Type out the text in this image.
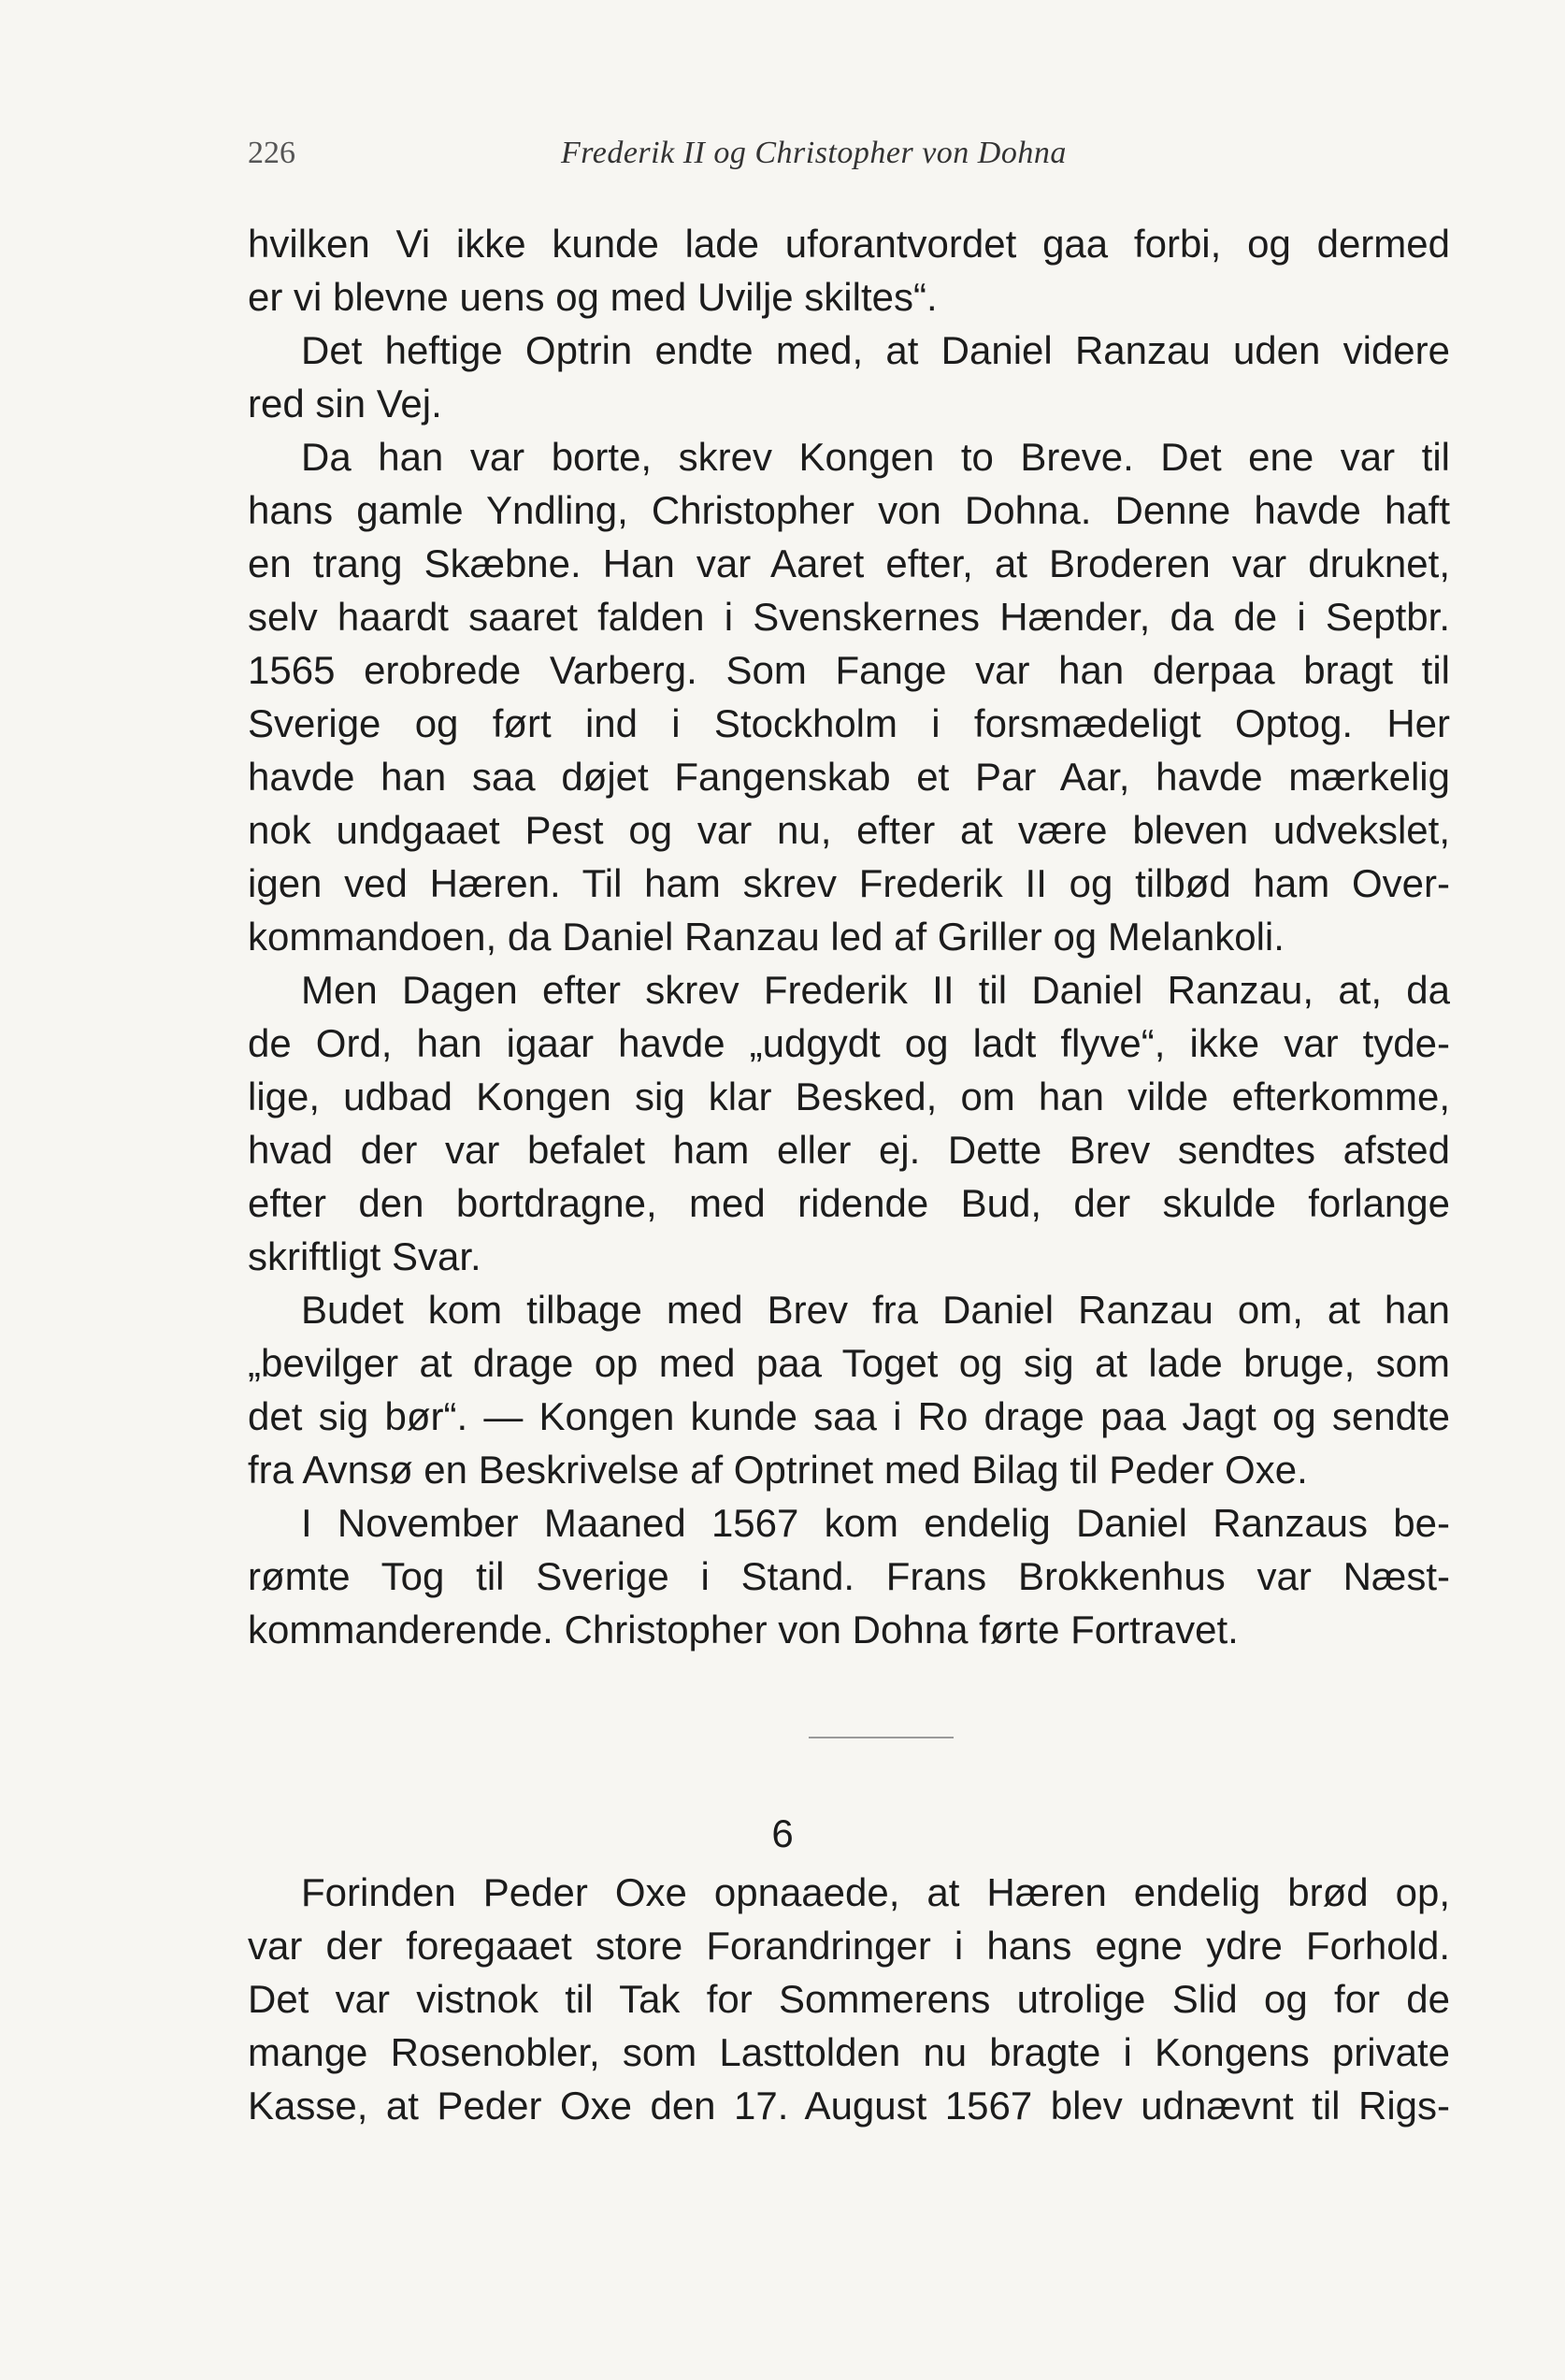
226	Frederik II og Christopher von Dohna
hvilken Vi ikke kunde lade uforantvordet gaa forbi, og dermed
er vi blevne uens og med Uvilje skiltes“.
Det heftige Optrin endte med, at Daniel Ranzau uden videre
red sin Vej.
Da han var borte, skrev Kongen to Breve. Det ene var til
hans gamle Yndling, Christopher von Dohna. Denne havde haft
en trang Skæbne. Han var Aaret efter, at Broderen var druknet,
selv haardt saaret falden i Svenskernes Hænder, da de i Septbr.
1565 erobrede Varberg. Som Fange var han derpaa bragt til
Sverige og ført ind i Stockholm i forsmædeligt Optog. Her
havde han saa døjet Fangenskab et Par Aar, havde mærkelig
nok undgaaet Pest og var nu, efter at være bleven udvekslet,
igen ved Hæren. Til ham skrev Frederik II og tilbød ham Over-
kommandoen, da Daniel Ranzau led af Griller og Melankoli.
Men Dagen efter skrev Frederik II til Daniel Ranzau, at, da
de Ord, han igaar havde „udgydt og ladt flyve“, ikke var tyde-
lige, udbad Kongen sig klar Besked, om han vilde efterkomme,
hvad der var befalet ham eller ej. Dette Brev sendtes afsted
efter den bortdragne, med ridende Bud, der skulde forlange
skriftligt Svar.
Budet kom tilbage med Brev fra Daniel Ranzau om, at han
„bevilger at drage op med paa Toget og sig at lade bruge, som
det sig bør“. — Kongen kunde saa i Ro drage paa Jagt og sendte
fra Avnsø en Beskrivelse af Optrinet med Bilag til Peder Oxe.
I November Maaned 1567 kom endelig Daniel Ranzaus be-
rømte Tog til Sverige i Stand. Frans Brokkenhus var Næst-
kommanderende. Christopher von Dohna førte Fortravet.
6
Forinden Peder Oxe opnaaede, at Hæren endelig brød op,
var der foregaaet store Forandringer i hans egne ydre Forhold.
Det var vistnok til Tak for Sommerens utrolige Slid og for de
mange Rosenobler, som Lasttolden nu bragte i Kongens private
Kasse, at Peder Oxe den 17. August 1567 blev udnævnt til Rigs-
